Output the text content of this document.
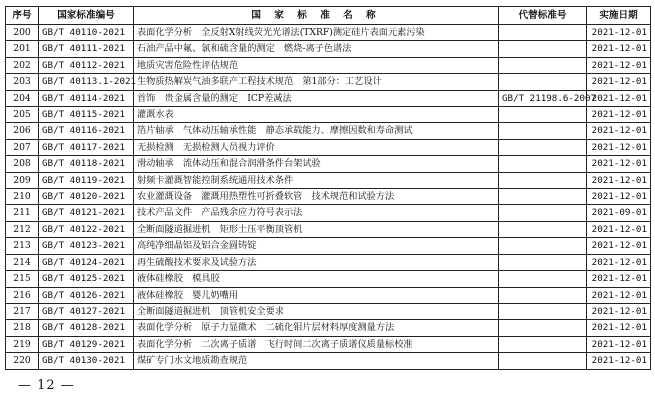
序号	国家标准编号	国 家 标 准 名 称	代替标准号	实施日期
200	GB/T 40110-2021	表面化学分析　全反射X射线荧光光谱法(TXRF)测定硅片表面元素污染		2021-12-01
201	GB/T 40111-2021	石油产品中氟、氯和硫含量的测定　燃烧-离子色谱法		2021-12-01
202	GB/T 40112-2021	地质灾害危险性评估规范		2021-12-01
203	GB/T 40113.1-2021	生物质热解炭气油多联产工程技术规范　第1部分：工艺设计		2021-12-01
204	GB/T 40114-2021	首饰　贵金属含量的测定　ICP差减法	GB/T 21198.6-2007	2021-12-01
205	GB/T 40115-2021	灌溉水表		2021-12-01
206	GB/T 40116-2021	箔片轴承　气体动压轴承性能　静态承载能力、摩擦因数和寿命测试		2021-12-01
207	GB/T 40117-2021	无损检测　无损检测人员视力评价		2021-12-01
208	GB/T 40118-2021	滑动轴承　流体动压和混合润滑条件台架试验		2021-12-01
209	GB/T 40119-2021	射频卡灌溉智能控制系统通用技术条件		2021-12-01
210	GB/T 40120-2021	农业灌溉设备　灌溉用热塑性可折叠软管　技术规范和试验方法		2021-12-01
211	GB/T 40121-2021	技术产品文件　产品残余应力符号表示法		2021-09-01
212	GB/T 40122-2021	全断面隧道掘进机　矩形土压平衡顶管机		2021-12-01
213	GB/T 40123-2021	高纯净细晶铝及铝合金圆铸锭		2021-12-01
214	GB/T 40124-2021	再生硫酸技术要求及试验方法		2021-12-01
215	GB/T 40125-2021	液体硅橡胶　模具胶		2021-12-01
216	GB/T 40126-2021	液体硅橡胶　婴儿奶嘴用		2021-12-01
217	GB/T 40127-2021	全断面隧道掘进机　顶管机安全要求		2021-12-01
218	GB/T 40128-2021	表面化学分析　原子力显微术　二硫化钼片层材料厚度测量方法		2021-12-01
219	GB/T 40129-2021	表面化学分析　二次离子质谱　飞行时间二次离子质谱仪质量标校准		2021-12-01
220	GB/T 40130-2021	煤矿专门水文地质勘查规范		2021-12-01
— 12 —
